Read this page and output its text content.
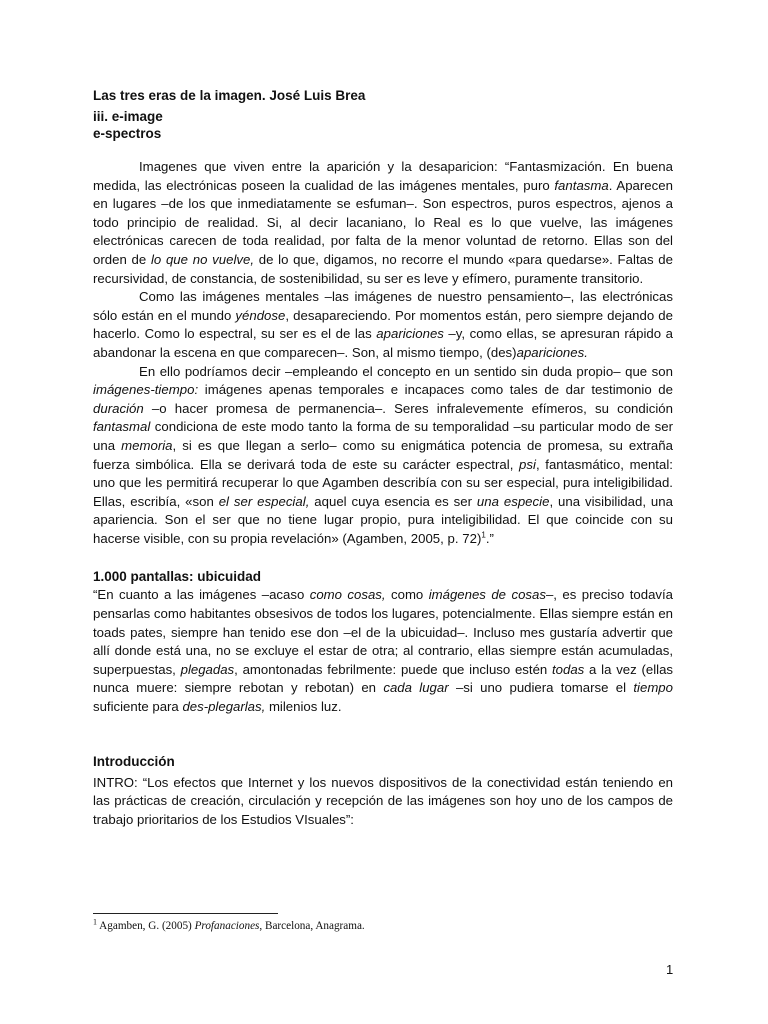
Las tres eras de la imagen. José Luis Brea
iii. e-image
e-spectros

Imagenes que viven entre la aparición y la desaparicion: “Fantasmización. En buena medida, las electrónicas poseen la cualidad de las imágenes mentales, puro fantasma. Aparecen en lugares –de los que inmediatamente se esfuman–. Son espectros, puros espectros, ajenos a todo principio de realidad. Si, al decir lacaniano, lo Real es lo que vuelve, las imágenes electrónicas carecen de toda realidad, por falta de la menor voluntad de retorno. Ellas son del orden de lo que no vuelve, de lo que, digamos, no recorre el mundo «para quedarse». Faltas de recursividad, de constancia, de sostenibilidad, su ser es leve y efímero, puramente transitorio.

Como las imágenes mentales –las imágenes de nuestro pensamiento–, las electrónicas sólo están en el mundo yéndose, desapareciendo. Por momentos están, pero siempre dejando de hacerlo. Como lo espectral, su ser es el de las apariciones –y, como ellas, se apresuran rápido a abandonar la escena en que comparecen–. Son, al mismo tiempo, (des)apariciones.

En ello podríamos decir –empleando el concepto en un sentido sin duda propio– que son imágenes-tiempo: imágenes apenas temporales e incapaces como tales de dar testimonio de duración –o hacer promesa de permanencia–. Seres infralevemente efímeros, su condición fantasmal condiciona de este modo tanto la forma de su temporalidad –su particular modo de ser una memoria, si es que llegan a serlo– como su enigmática potencia de promesa, su extraña fuerza simbólica. Ella se derivará toda de este su carácter espectral, psi, fantasmático, mental: uno que les permitirá recuperar lo que Agamben describía con su ser especial, pura inteligibilidad. Ellas, escribía, «son el ser especial, aquel cuya esencia es ser una especie, una visibilidad, una apariencia. Son el ser que no tiene lugar propio, pura inteligibilidad. El que coincide con su hacerse visible, con su propia revelación» (Agamben, 2005, p. 72)$^1$.”

1.000 pantallas: ubicuidad

“En cuanto a las imágenes –acaso como cosas, como imágenes de cosas–, es preciso todavía pensarlas como habitantes obsesivos de todos los lugares, potencialmente. Ellas siempre están en toads pates, siempre han tenido ese don –el de la ubicuidad–. Incluso mes gustaría advertir que allí donde está una, no se excluye el estar de otra; al contrario, ellas siempre están acumuladas, superpuestas, plegadas, amontonadas febrilmente: puede que incluso estén todas a la vez (ellas nunca muere: siempre rebotan y rebotan) en cada lugar –si uno pudiera tomarse el tiempo suficiente para des-plegarlas, milenios luz.

Introducción

INTRO: “Los efectos que Internet y los nuevos dispositivos de la conectividad están teniendo en las prácticas de creación, circulación y recepción de las imágenes son hoy uno de los campos de trabajo prioritarios de los Estudios VIsuales”:

$^1$ Agamben, G. (2005) Profanaciones, Barcelona, Anagrama.
1
